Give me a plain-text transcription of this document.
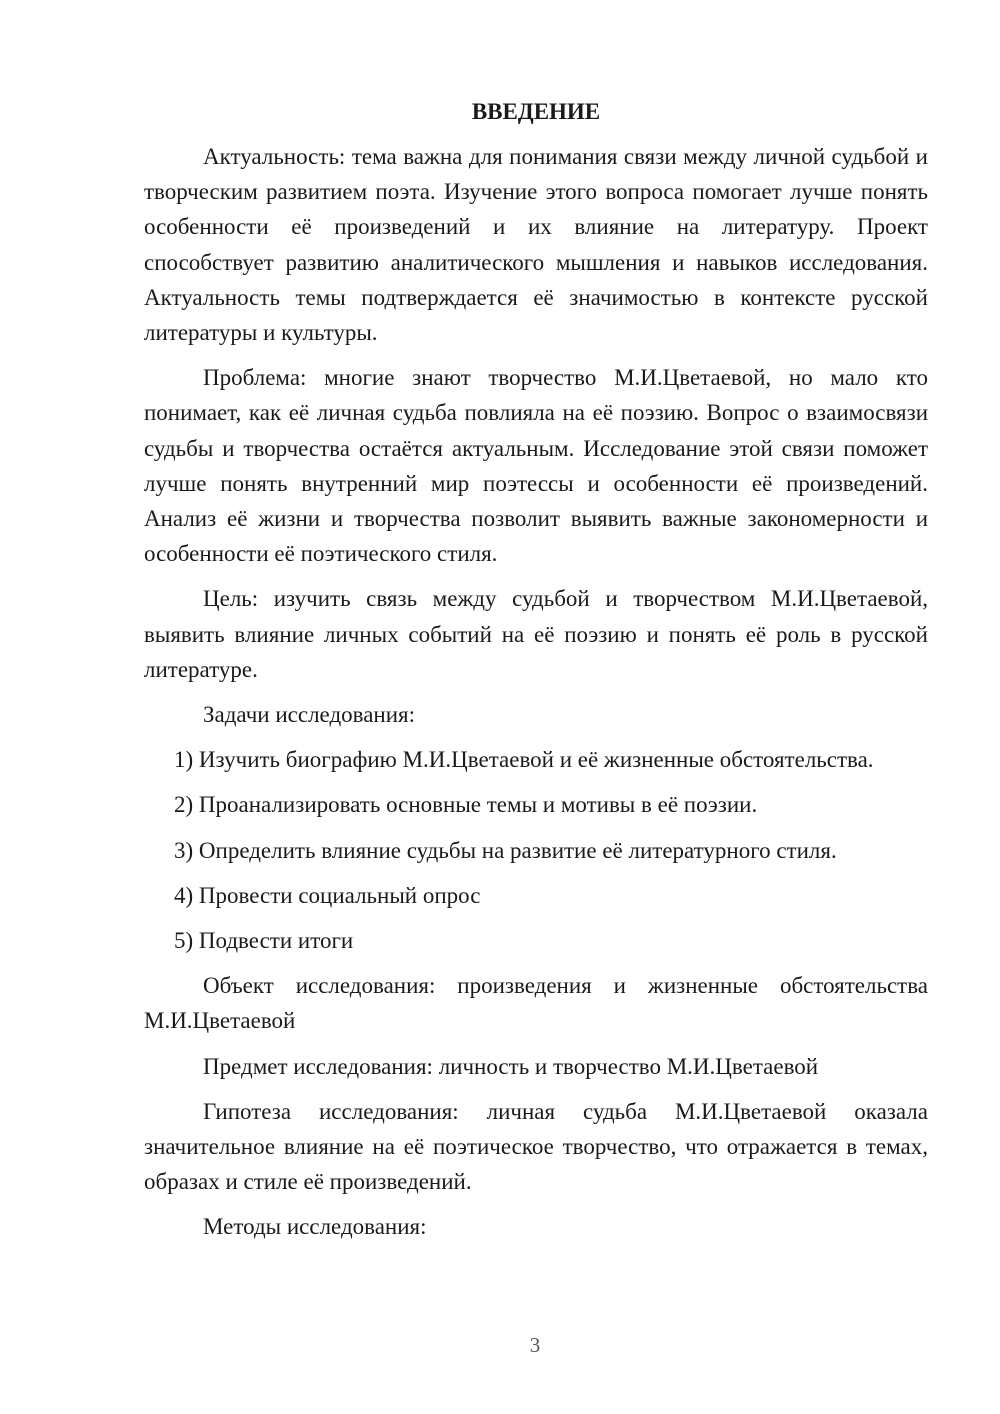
ВВЕДЕНИЕ

Актуальность: тема важна для понимания связи между личной судьбой и творческим развитием поэта. Изучение этого вопроса помогает лучше понять особенности её произведений и их влияние на литературу. Проект способствует развитию аналитического мышления и навыков исследования. Актуальность темы подтверждается её значимостью в контексте русской литературы и культуры.

Проблема: многие знают творчество М.И.Цветаевой, но мало кто понимает, как её личная судьба повлияла на её поэзию. Вопрос о взаимосвязи судьбы и творчества остаётся актуальным. Исследование этой связи поможет лучше понять внутренний мир поэтессы и особенности её произведений. Анализ её жизни и творчества позволит выявить важные закономерности и особенности её поэтического стиля.

Цель: изучить связь между судьбой и творчеством М.И.Цветаевой, выявить влияние личных событий на её поэзию и понять её роль в русской литературе.

Задачи исследования:

1) Изучить биографию М.И.Цветаевой и её жизненные обстоятельства.

2) Проанализировать основные темы и мотивы в её поэзии.

3) Определить влияние судьбы на развитие её литературного стиля.

4) Провести социальный опрос

5) Подвести итоги

Объект исследования: произведения и жизненные обстоятельства М.И.Цветаевой

Предмет исследования: личность и творчество М.И.Цветаевой

Гипотеза исследования: личная судьба М.И.Цветаевой оказала значительное влияние на её поэтическое творчество, что отражается в темах, образах и стиле её произведений.

Методы исследования:

3
